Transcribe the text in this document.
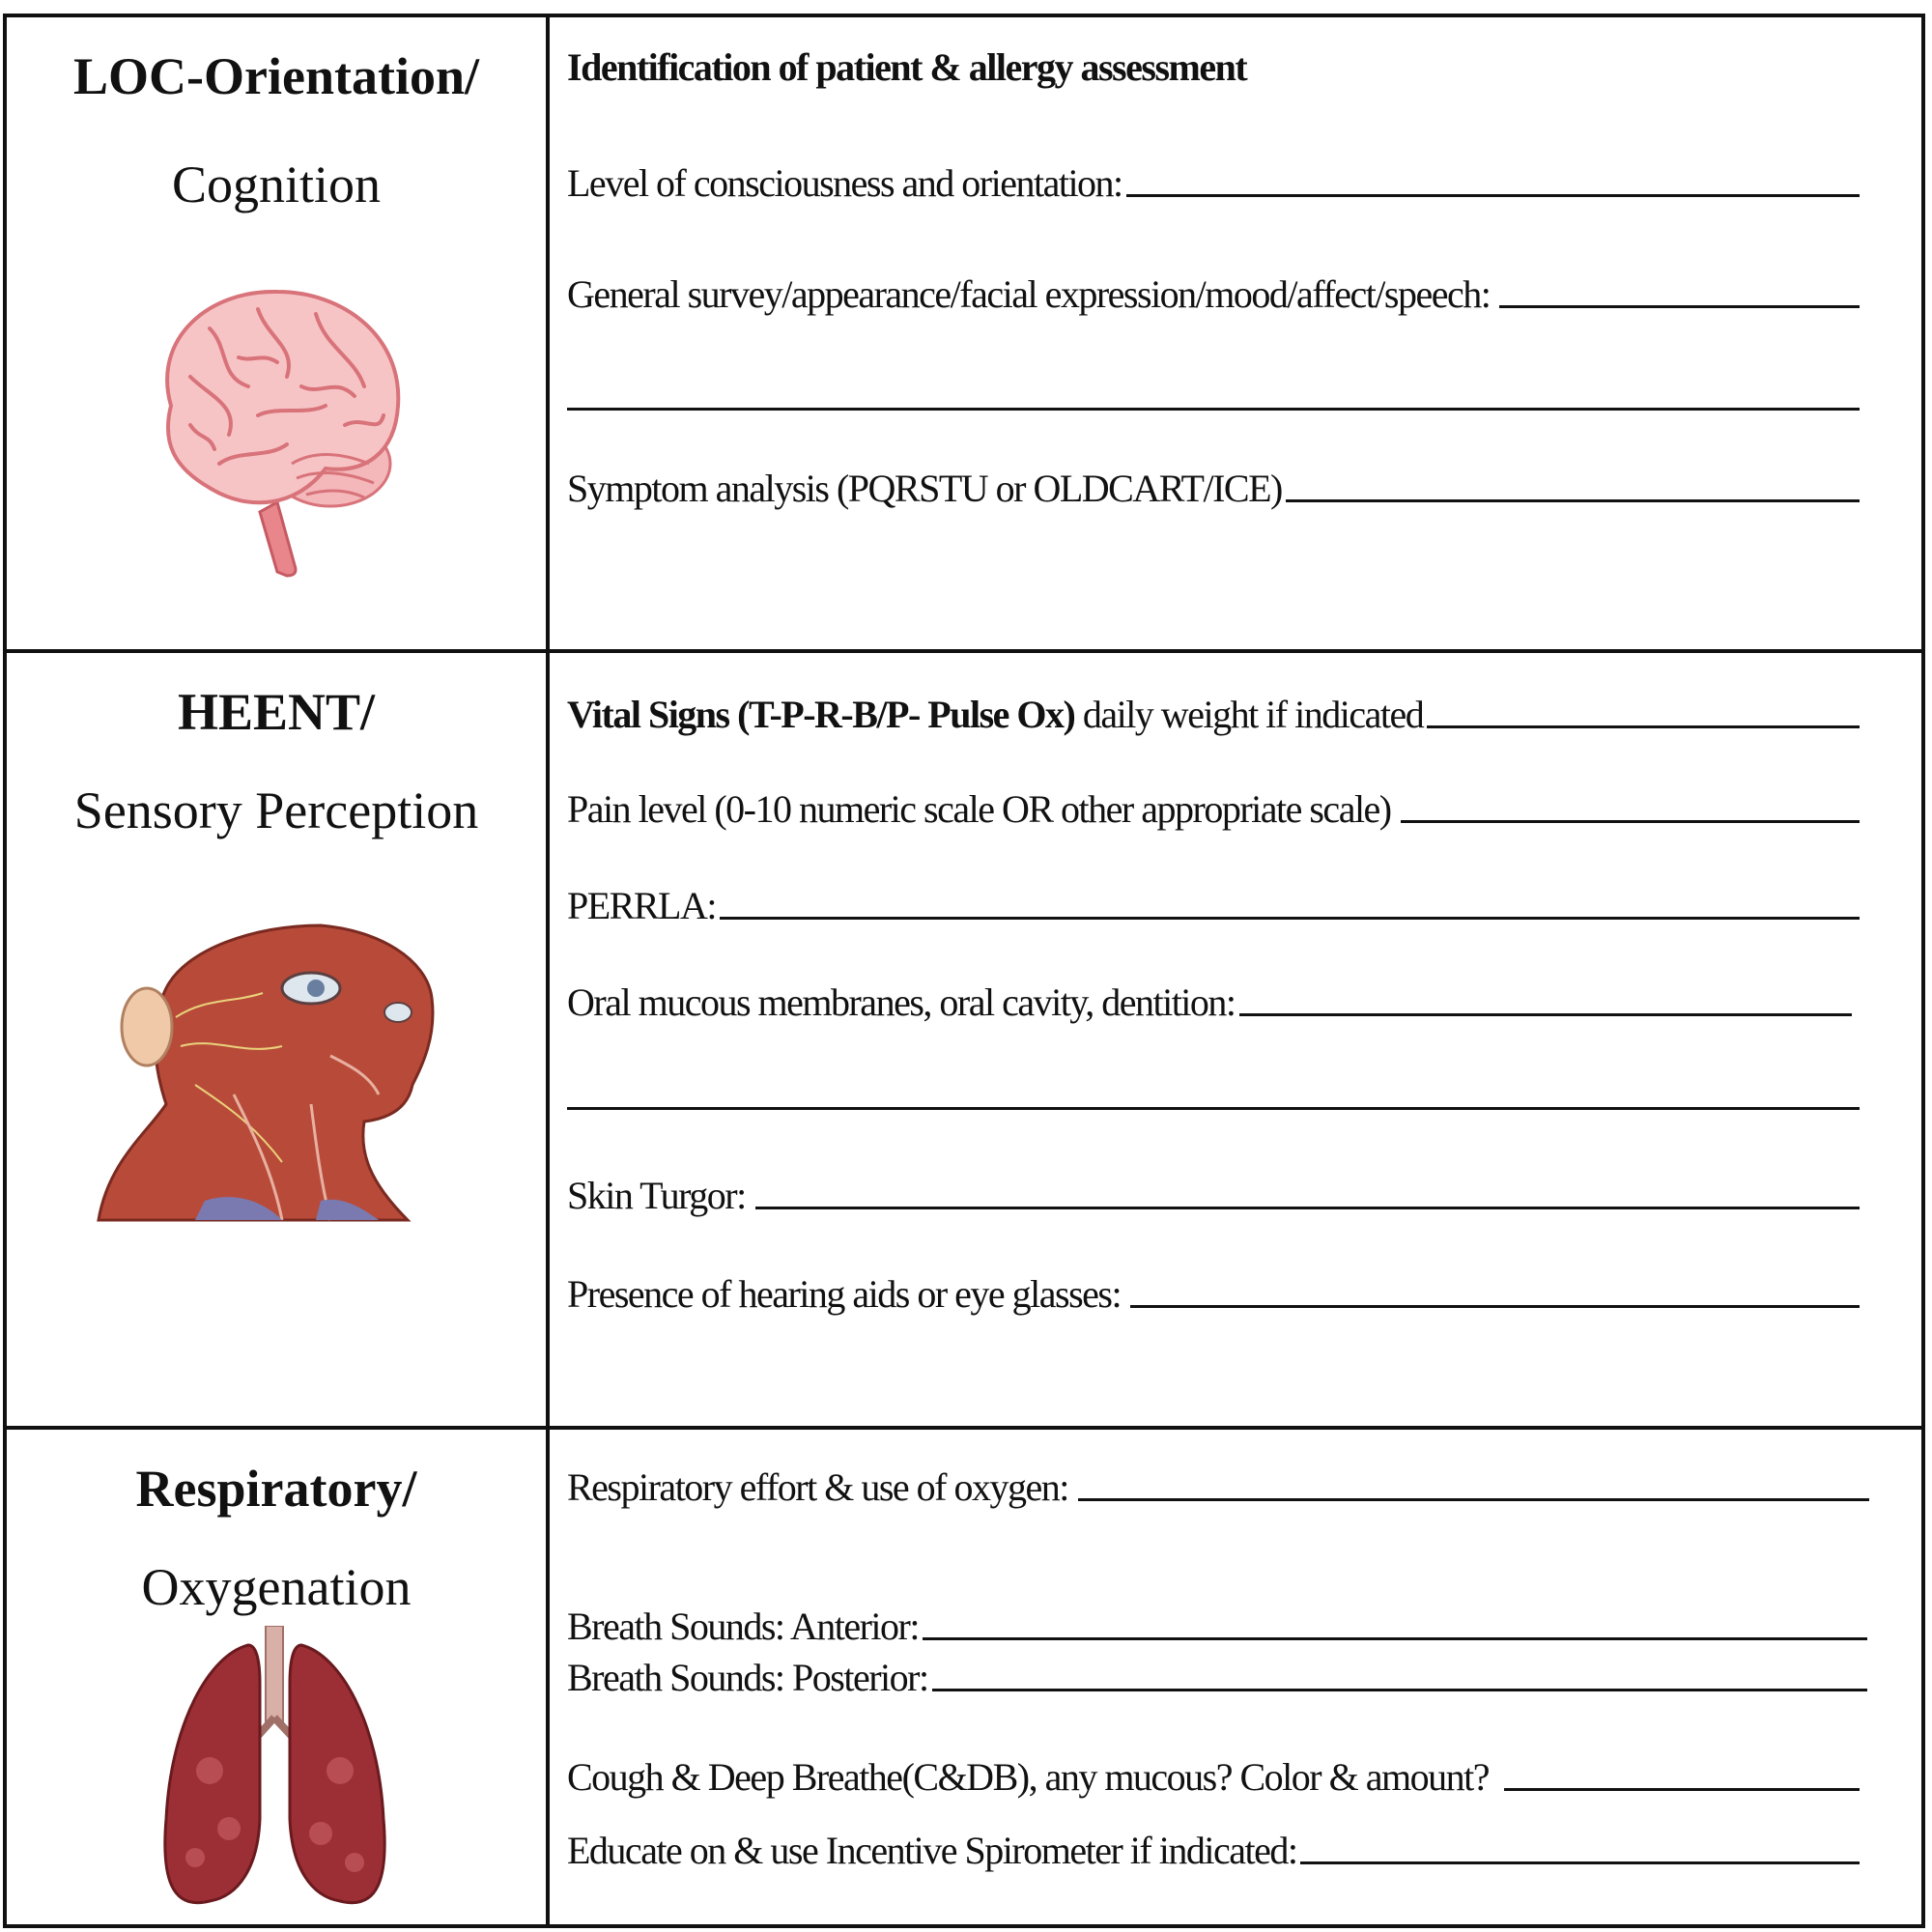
LOC-Orientation/
Cognition
Identification of patient & allergy assessment
Level of consciousness and orientation:
General survey/appearance/facial expression/mood/affect/speech:
Symptom analysis (PQRSTU or OLDCART/ICE)
HEENT/
Sensory Perception
Vital Signs (T-P-R-B/P- Pulse Ox) daily weight if indicated
Pain level (0-10 numeric scale OR other appropriate scale)
PERRLA:
Oral mucous membranes, oral cavity, dentition:
Skin Turgor:
Presence of hearing aids or eye glasses:
Respiratory/
Oxygenation
Respiratory effort & use of oxygen:
Breath Sounds: Anterior:
Breath Sounds: Posterior:
Cough & Deep Breathe(C&DB), any mucous? Color & amount?
Educate on & use Incentive Spirometer if indicated:
